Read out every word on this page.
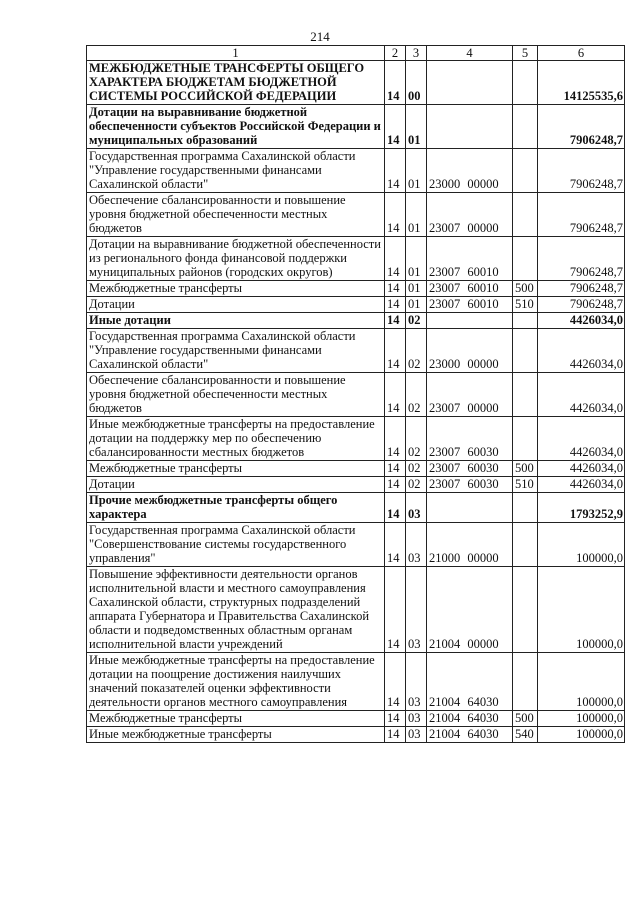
214
1	2	3	4	5	6
МЕЖБЮДЖЕТНЫЕ ТРАНСФЕРТЫ ОБЩЕГО ХАРАКТЕРА БЮДЖЕТАМ БЮДЖЕТНОЙ СИСТЕМЫ РОССИЙСКОЙ ФЕДЕРАЦИИ	14	00			14125535,6
Дотации на выравнивание бюджетной обеспеченности субъектов Российской Федерации и муниципальных образований	14	01			7906248,7
Государственная программа Сахалинской области "Управление государственными финансами Сахалинской области"	14	01	23000 00000		7906248,7
Обеспечение сбалансированности и повышение уровня бюджетной обеспеченности местных бюджетов	14	01	23007 00000		7906248,7
Дотации на выравнивание бюджетной обеспеченности из регионального фонда финансовой поддержки муниципальных районов (городских округов)	14	01	23007 60010		7906248,7
Межбюджетные трансферты	14	01	23007 60010	500	7906248,7
Дотации	14	01	23007 60010	510	7906248,7
Иные дотации	14	02			4426034,0
Государственная программа Сахалинской области "Управление государственными финансами Сахалинской области"	14	02	23000 00000		4426034,0
Обеспечение сбалансированности и повышение уровня бюджетной обеспеченности местных бюджетов	14	02	23007 00000		4426034,0
Иные межбюджетные трансферты на предоставление дотации на поддержку мер по обеспечению сбалансированности местных бюджетов	14	02	23007 60030		4426034,0
Межбюджетные трансферты	14	02	23007 60030	500	4426034,0
Дотации	14	02	23007 60030	510	4426034,0
Прочие межбюджетные трансферты общего характера	14	03			1793252,9
Государственная программа Сахалинской области "Совершенствование системы государственного управления"	14	03	21000 00000		100000,0
Повышение эффективности деятельности органов исполнительной власти и местного самоуправления Сахалинской области, структурных подразделений аппарата Губернатора и Правительства Сахалинской области и подведомственных областным органам исполнительной власти учреждений	14	03	21004 00000		100000,0
Иные межбюджетные трансферты на предоставление дотации на поощрение достижения наилучших значений показателей оценки эффективности деятельности органов местного самоуправления	14	03	21004 64030		100000,0
Межбюджетные трансферты	14	03	21004 64030	500	100000,0
Иные межбюджетные трансферты	14	03	21004 64030	540	100000,0
